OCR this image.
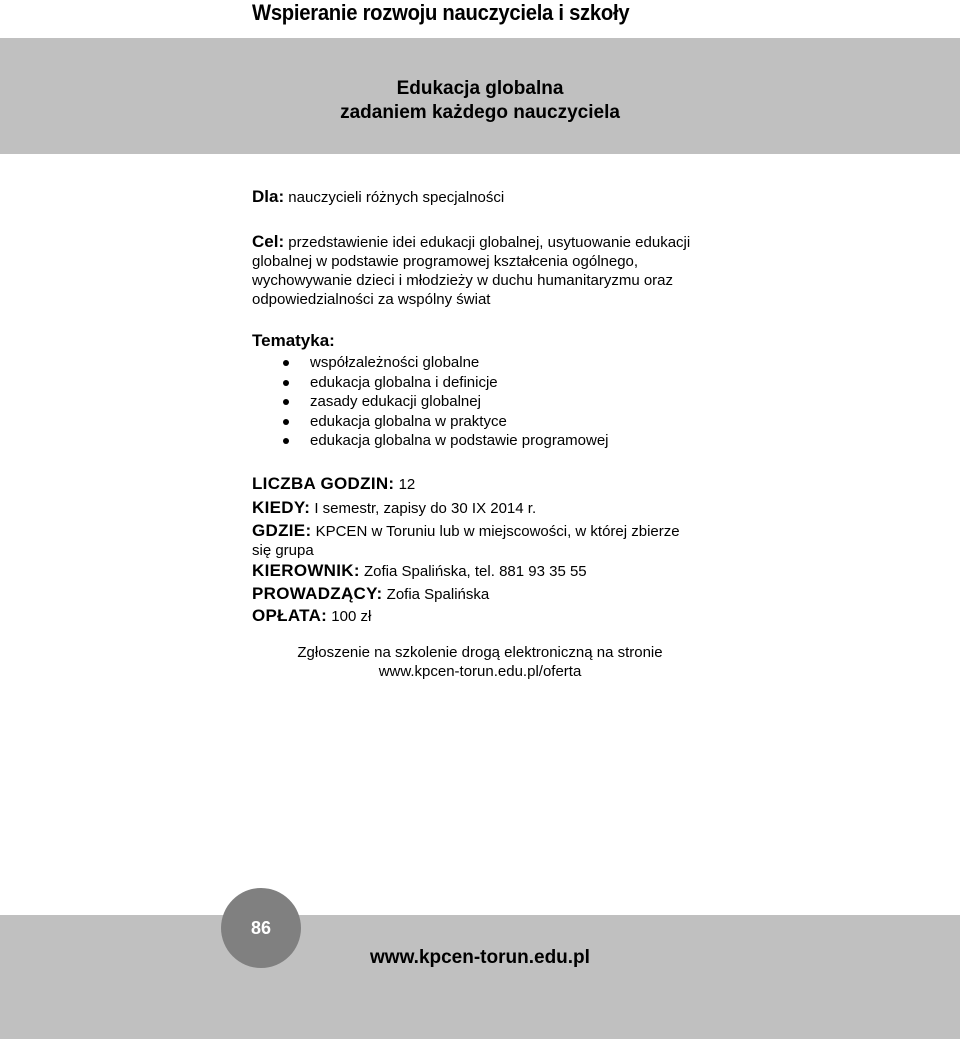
Wspieranie rozwoju nauczyciela i szkoły
Edukacja globalna
zadaniem każdego nauczyciela
Dla: nauczycieli różnych specjalności
Cel: przedstawienie idei edukacji globalnej, usytuowanie edukacji globalnej w podstawie programowej kształcenia ogólnego, wychowywanie dzieci i młodzieży w duchu humanitaryzmu oraz odpowiedzialności za wspólny świat
Tematyka:
współzależności globalne
edukacja globalna i definicje
zasady edukacji globalnej
edukacja globalna w praktyce
edukacja globalna w podstawie programowej
LICZBA GODZIN: 12
KIEDY: I semestr, zapisy do 30 IX 2014 r.
GDZIE: KPCEN w Toruniu lub w miejscowości, w której zbierze się grupa
KIEROWNIK: Zofia Spalińska, tel. 881 93 35 55
PROWADZĄCY: Zofia Spalińska
OPŁATA: 100 zł
Zgłoszenie na szkolenie drogą elektroniczną na stronie
www.kpcen-torun.edu.pl/oferta
86
www.kpcen-torun.edu.pl
